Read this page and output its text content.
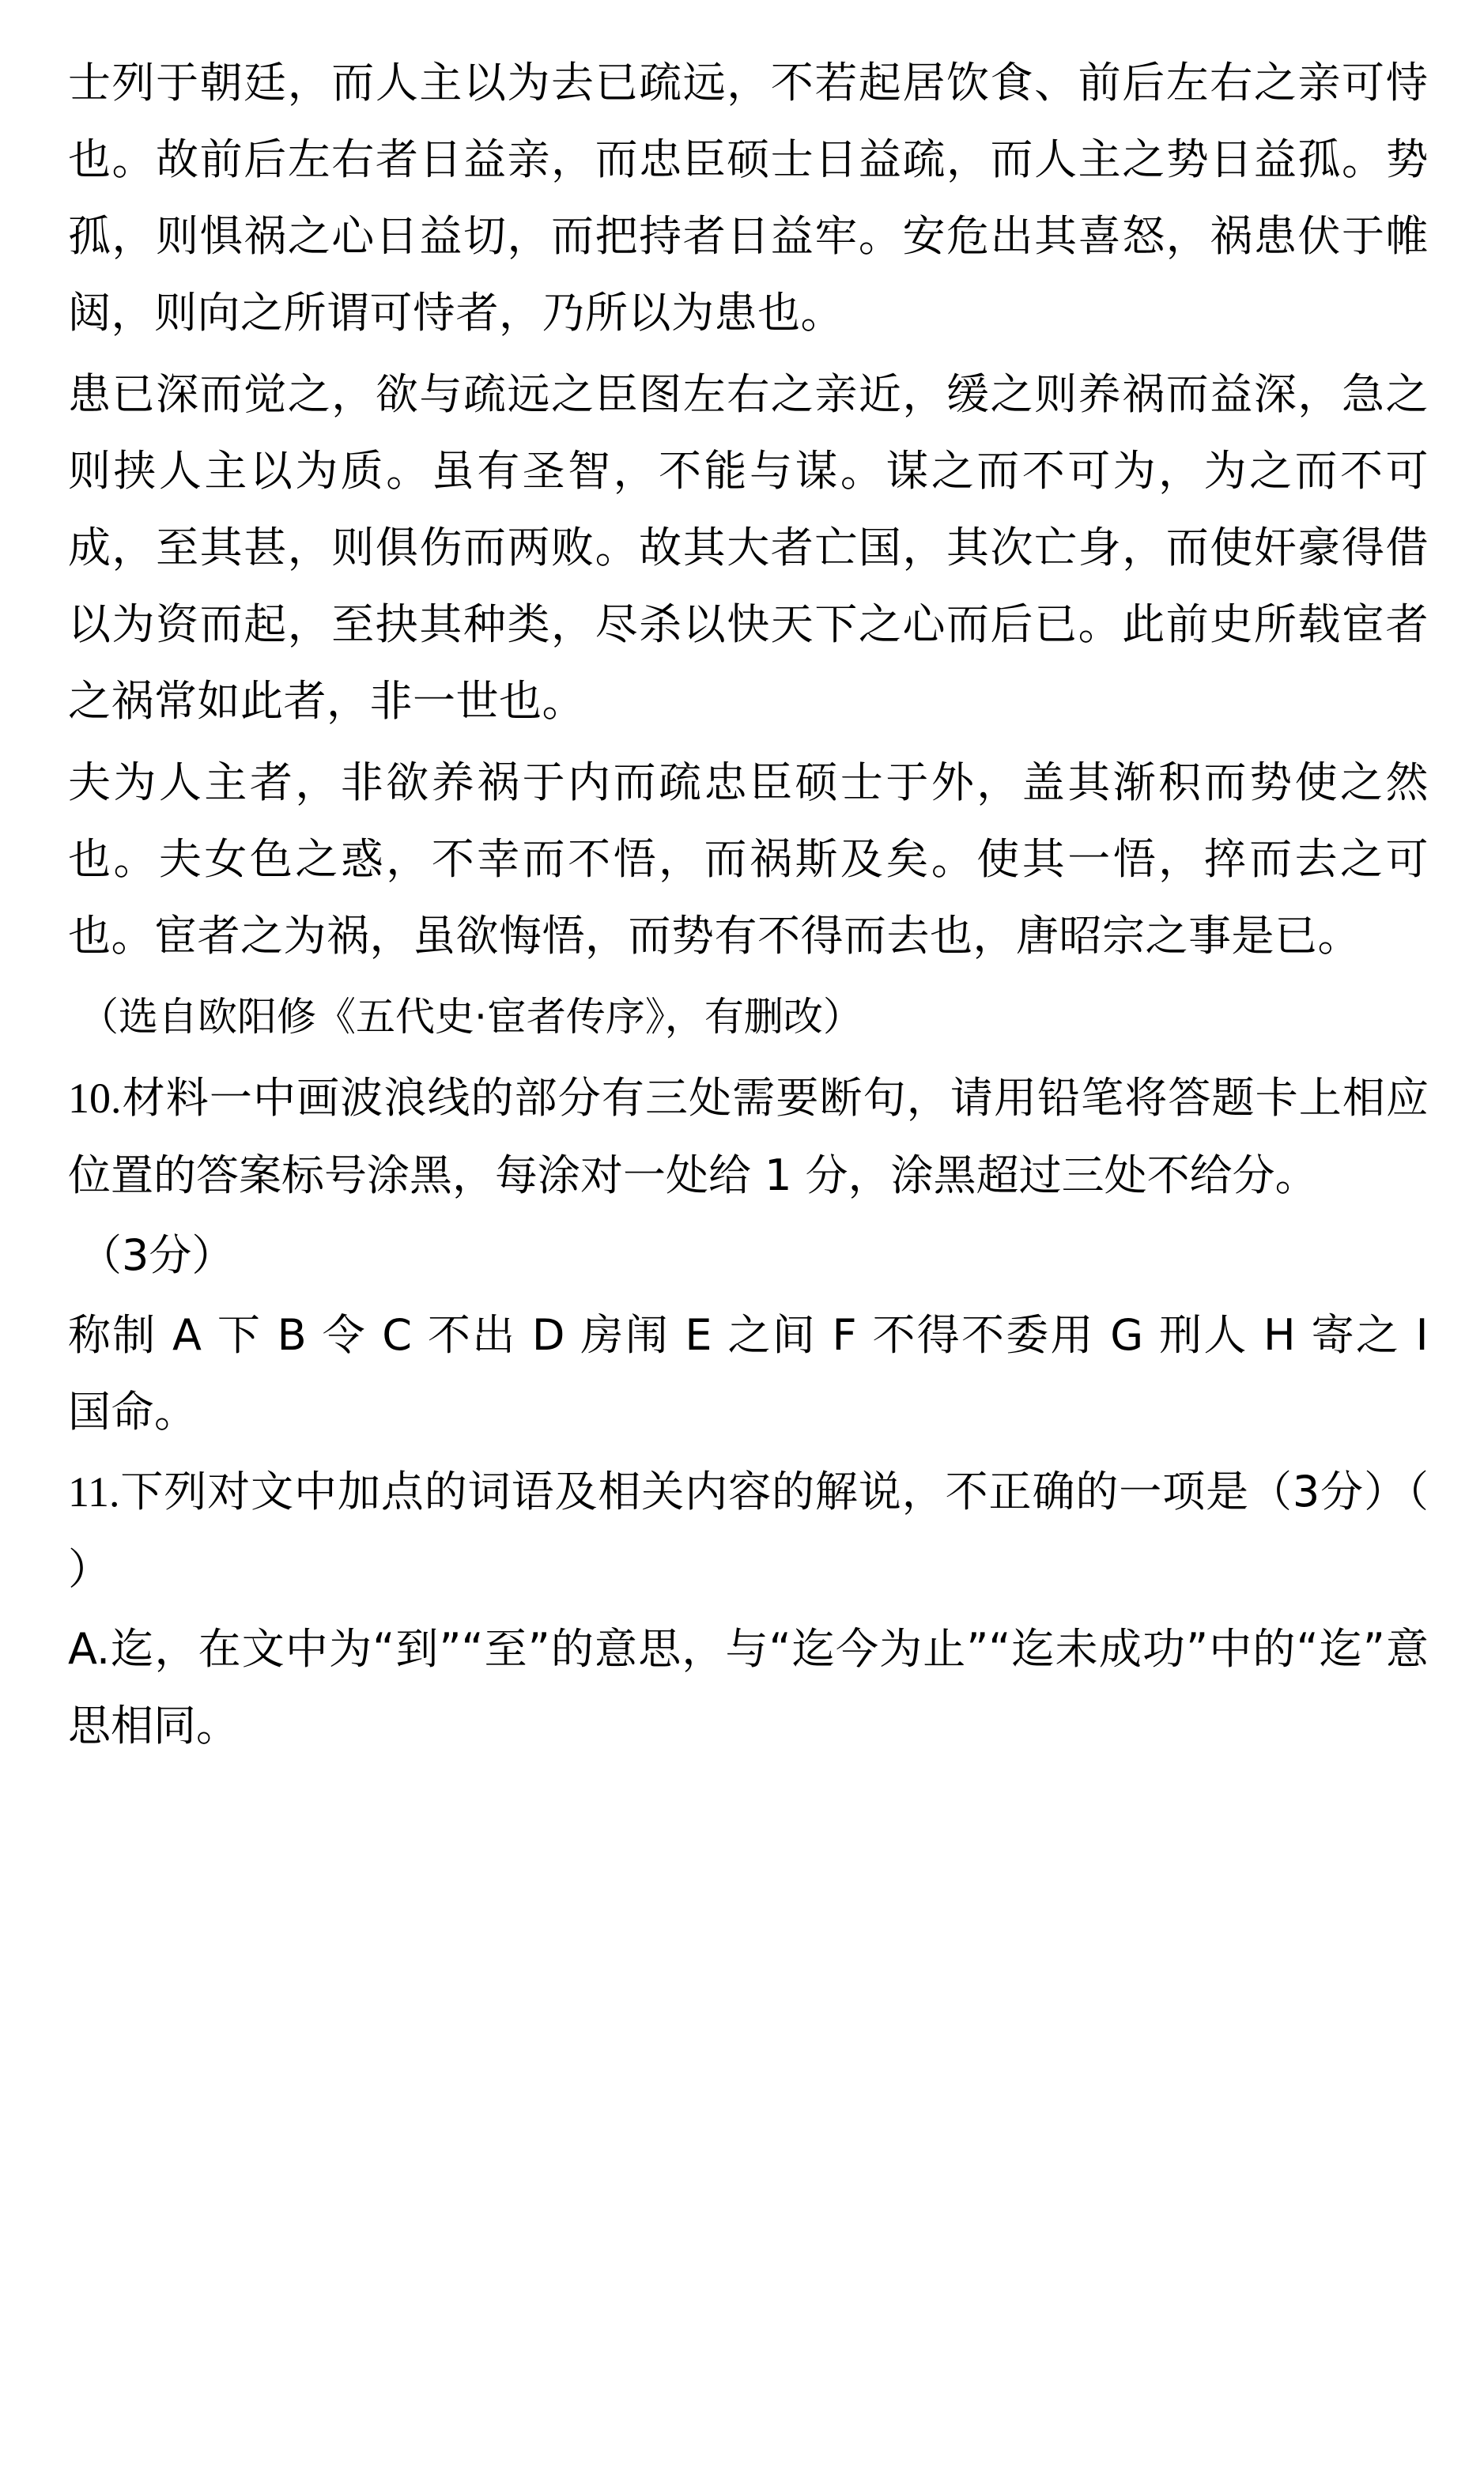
士列于朝廷，而人主以为去已疏远，不若起居饮食、前后左右之亲可恃也。故前后左右者日益亲，而忠臣硕士日益疏，而人主之势日益孤。势孤，则惧祸之心日益切，而把持者日益牢。安危出其喜怒，祸患伏于帷闼，则向之所谓可恃者，乃所以为患也。

患已深而觉之，欲与疏远之臣图左右之亲近，缓之则养祸而益深，急之则挟人主以为质。虽有圣智，不能与谋。谋之而不可为，为之而不可成，至其甚，则俱伤而两败。故其大者亡国，其次亡身，而使奸豪得借以为资而起，至抉其种类，尽杀以快天下之心而后已。此前史所载宦者之祸常如此者，非一世也。

夫为人主者，非欲养祸于内而疏忠臣硕士于外，盖其渐积而势使之然也。夫女色之惑，不幸而不悟，而祸斯及矣。使其一悟，捽而去之可也。宦者之为祸，虽欲悔悟，而势有不得而去也，唐昭宗之事是已。

（选自欧阳修《五代史·宦者传序》，有删改）

10.材料一中画波浪线的部分有三处需要断句，请用铅笔将答题卡上相应位置的答案标号涂黑，每涂对一处给 1 分，涂黑超过三处不给分。

（3分）

称制 A 下 B 令 C 不出 D 房闱 E 之间 F 不得不委用 G 刑人 H 寄之 I 国命。

11.下列对文中加点的词语及相关内容的解说，不正确的一项是（3分）（ ）

A.迄，在文中为“到”“至”的意思，与“迄今为止”“迄未成功”中的“迄”意思相同。
